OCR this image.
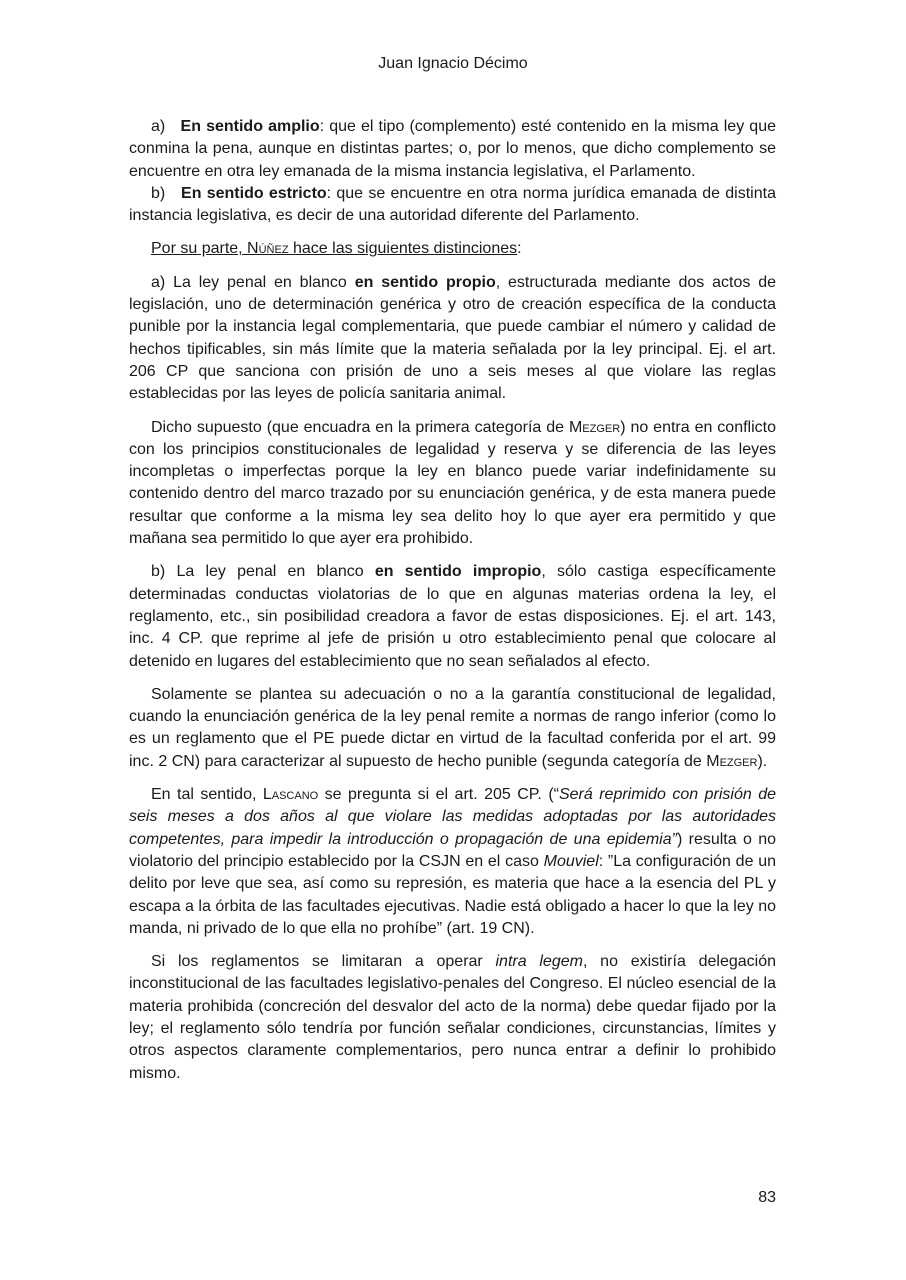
Juan Ignacio Décimo

a) En sentido amplio: que el tipo (complemento) esté contenido en la misma ley que conmina la pena, aunque en distintas partes; o, por lo menos, que dicho complemento se encuentre en otra ley emanada de la misma instancia legislativa, el Parlamento.

b) En sentido estricto: que se encuentre en otra norma jurídica emanada de distinta instancia legislativa, es decir de una autoridad diferente del Parlamento.

Por su parte, Núñez hace las siguientes distinciones:

a) La ley penal en blanco en sentido propio, estructurada mediante dos actos de legislación, uno de determinación genérica y otro de creación específica de la conducta punible por la instancia legal complementaria, que puede cambiar el número y calidad de hechos tipificables, sin más límite que la materia señalada por la ley principal. Ej. el art. 206 CP que sanciona con prisión de uno a seis meses al que violare las reglas establecidas por las leyes de policía sanitaria animal.

Dicho supuesto (que encuadra en la primera categoría de Mezger) no entra en conflicto con los principios constitucionales de legalidad y reserva y se diferencia de las leyes incompletas o imperfectas porque la ley en blanco puede variar indefinidamente su contenido dentro del marco trazado por su enunciación genérica, y de esta manera puede resultar que conforme a la misma ley sea delito hoy lo que ayer era permitido y que mañana sea permitido lo que ayer era prohibido.

b) La ley penal en blanco en sentido impropio, sólo castiga específicamente determinadas conductas violatorias de lo que en algunas materias ordena la ley, el reglamento, etc., sin posibilidad creadora a favor de estas disposiciones. Ej. el art. 143, inc. 4 CP. que reprime al jefe de prisión u otro establecimiento penal que colocare al detenido en lugares del establecimiento que no sean señalados al efecto.

Solamente se plantea su adecuación o no a la garantía constitucional de legalidad, cuando la enunciación genérica de la ley penal remite a normas de rango inferior (como lo es un reglamento que el PE puede dictar en virtud de la facultad conferida por el art. 99 inc. 2 CN) para caracterizar al supuesto de hecho punible (segunda categoría de Mezger).

En tal sentido, Lascano se pregunta si el art. 205 CP. (“Será reprimido con prisión de seis meses a dos años al que violare las medidas adoptadas por las autoridades competentes, para impedir la introducción o propagación de una epidemia”) resulta o no violatorio del principio establecido por la CSJN en el caso Mouviel: ”La configuración de un delito por leve que sea, así como su represión, es materia que hace a la esencia del PL y escapa a la órbita de las facultades ejecutivas. Nadie está obligado a hacer lo que la ley no manda, ni privado de lo que ella no prohíbe” (art. 19 CN).

Si los reglamentos se limitaran a operar intra legem, no existiría delegación inconstitucional de las facultades legislativo-penales del Congreso. El núcleo esencial de la materia prohibida (concreción del desvalor del acto de la norma) debe quedar fijado por la ley; el reglamento sólo tendría por función señalar condiciones, circunstancias, límites y otros aspectos claramente complementarios, pero nunca entrar a definir lo prohibido mismo.

83
